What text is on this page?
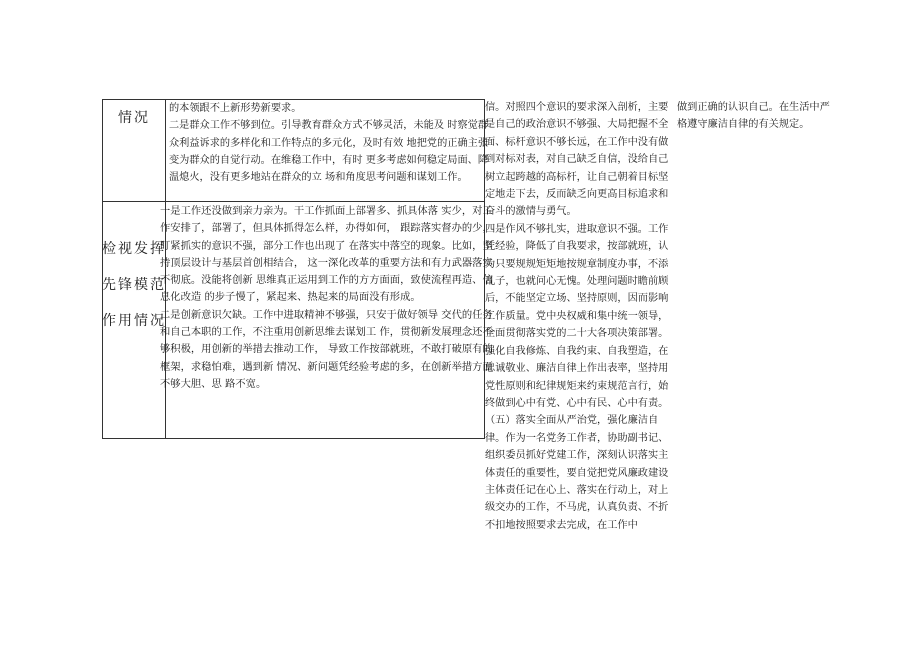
情况

的本领跟不上新形势新要求。
二是群众工作不够到位。引导教育群众方式不够灵活，未能及 时察觉群众利益诉求的多样化和工作特点的多元化，及时有效 地把党的正确主张变为群众的自觉行动。在维稳工作中，有时 更多考虑如何稳定局面、降温熄火，没有更多地站在群众的立 场和角度思考问题和谋划工作。

检视发挥
先锋模范
作用情况

一是工作还没做到亲力亲为。干工作抓面上部署多、抓具体落 实少，对工作安排了，部署了，但具体抓得怎么样，办得如何， 跟踪落实督办的少，盯紧抓实的意识不强，部分工作也出现了 在落实中落空的现象。比如，坚持顶层设计与基层首创相结合， 这一深化改革的重要方法和有力武器落实不彻底。没能将创新 思维真正运用到工作的方方面面，致使流程再造、信息化改造 的步子慢了，紧起来、热起来的局面没有形成。
二是创新意识欠缺。工作中进取精神不够强，只安于做好领导 交代的任务和自己本职的工作，不注重用创新思维去谋划工 作，贯彻新发展理念还不够积极，用创新的举措去推动工作， 导致工作按部就班，不敢打破原有的框架，求稳怕难，遇到新 情况、新问题凭经验考虑的多，在创新举措方面不够大胆、思 路不宽。

信。对照四个意识的要求深入剖析，主要是自己的政治意识不够强、大局把握不全面、标杆意识不够长远，在工作中没有做到对标对表，对自己缺乏自信，没给自己树立起跨越的高标杆，让自己朝着目标坚定地走下去，反而缺乏向更高目标追求和奋斗的激情与勇气。
四是作风不够扎实，进取意识不强。工作凭经验，降低了自我要求，按部就班，认为只要规规矩矩地按规章制度办事，不添乱子，也就问心无愧。处理问题时瞻前顾后，不能坚定立场、坚持原则，因而影响工作质量。党中央权威和集中统一领导，全面贯彻落实党的二十大各项决策部署。强化自我修炼、自我约束、自我塑造，在忠诚敬业、廉洁自律上作出表率，坚持用党性原则和纪律规矩来约束规范言行，始终做到心中有党、心中有民、心中有责。
（五）落实全面从严治党，强化廉洁自律。作为一名党务工作者，协助副书记、组织委员抓好党建工作，深刻认识落实主体责任的重要性，要自觉把党风廉政建设主体责任记在心上、落实在行动上，对上级交办的工作，不马虎，认真负责、不折不扣地按照要求去完成，在工作中
做到正确的认识自己。在生活中严格遵守廉洁自律的有关规定。
